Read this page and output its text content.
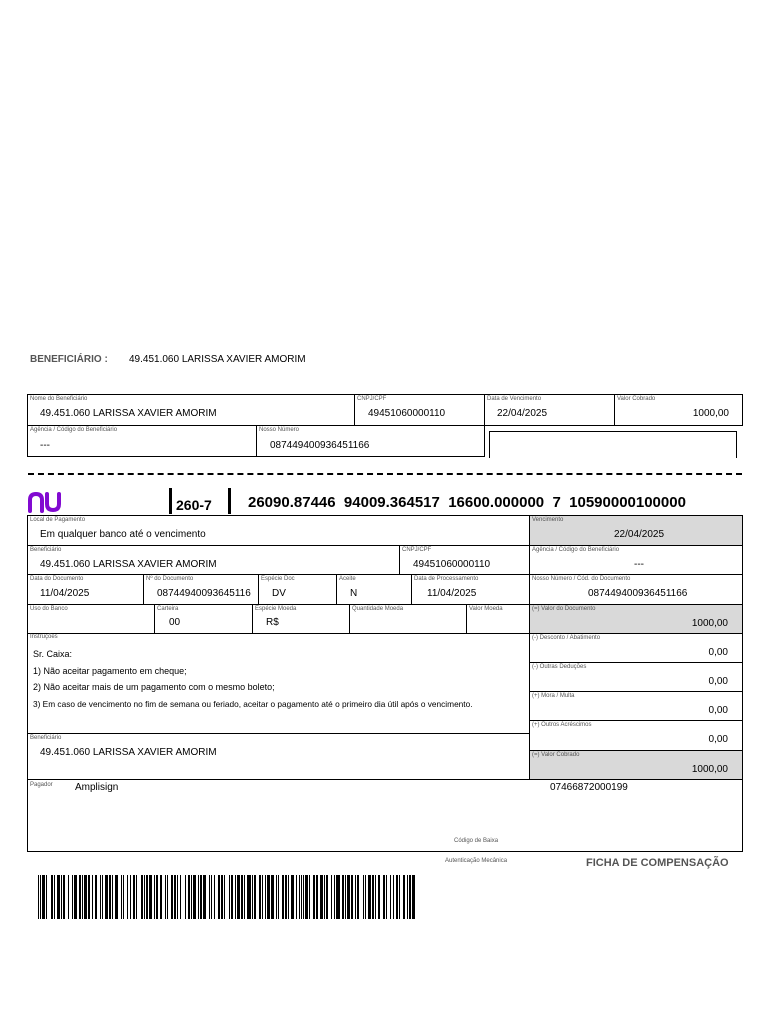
BENEFICIÁRIO : 49.451.060 LARISSA XAVIER AMORIM
Nome do Beneficiário
49.451.060 LARISSA XAVIER AMORIM
CNPJ/CPF
49451060000110
Data de Vencimento
22/04/2025
Valor Cobrado
1000,00
Agência / Código do Beneficiário
---
Nosso Número
087449400936451166
260-7 26090.87446  94009.364517  16600.000000  7  10590000100000
Local de Pagamento
Em qualquer banco até o vencimento
Vencimento
22/04/2025
Beneficiário
49.451.060 LARISSA XAVIER AMORIM
CNPJ/CPF
49451060000110
Agência / Código do Beneficiário
---
Data do Documento
11/04/2025
Nº do Documento
08744940093645116
Espécie Doc
DV
Aceite
N
Data de Processamento
11/04/2025
Nosso Número / Cód. do Documento
087449400936451166
Uso do Banco	Carteira
00
Espécie Moeda
R$
Quantidade Moeda	Valor Moeda	(=) Valor do Documento
1000,00
Instruções
Sr. Caixa:
1) Não aceitar pagamento em cheque;
2) Não aceitar mais de um pagamento com o mesmo boleto;
3) Em caso de vencimento no fim de semana ou feriado, aceitar o pagamento até o primeiro dia útil após o vencimento.
(-) Desconto / Abatimento
0,00
(-) Outras Deduções
0,00
(+) Mora / Multa
0,00
(+) Outros Acréscimos
0,00
(=) Valor Cobrado
1000,00
Beneficiário
49.451.060 LARISSA XAVIER AMORIM
Pagador Amplisign	07466872000199
Código de Baixa
Autenticação Mecânica	FICHA DE COMPENSAÇÃO
